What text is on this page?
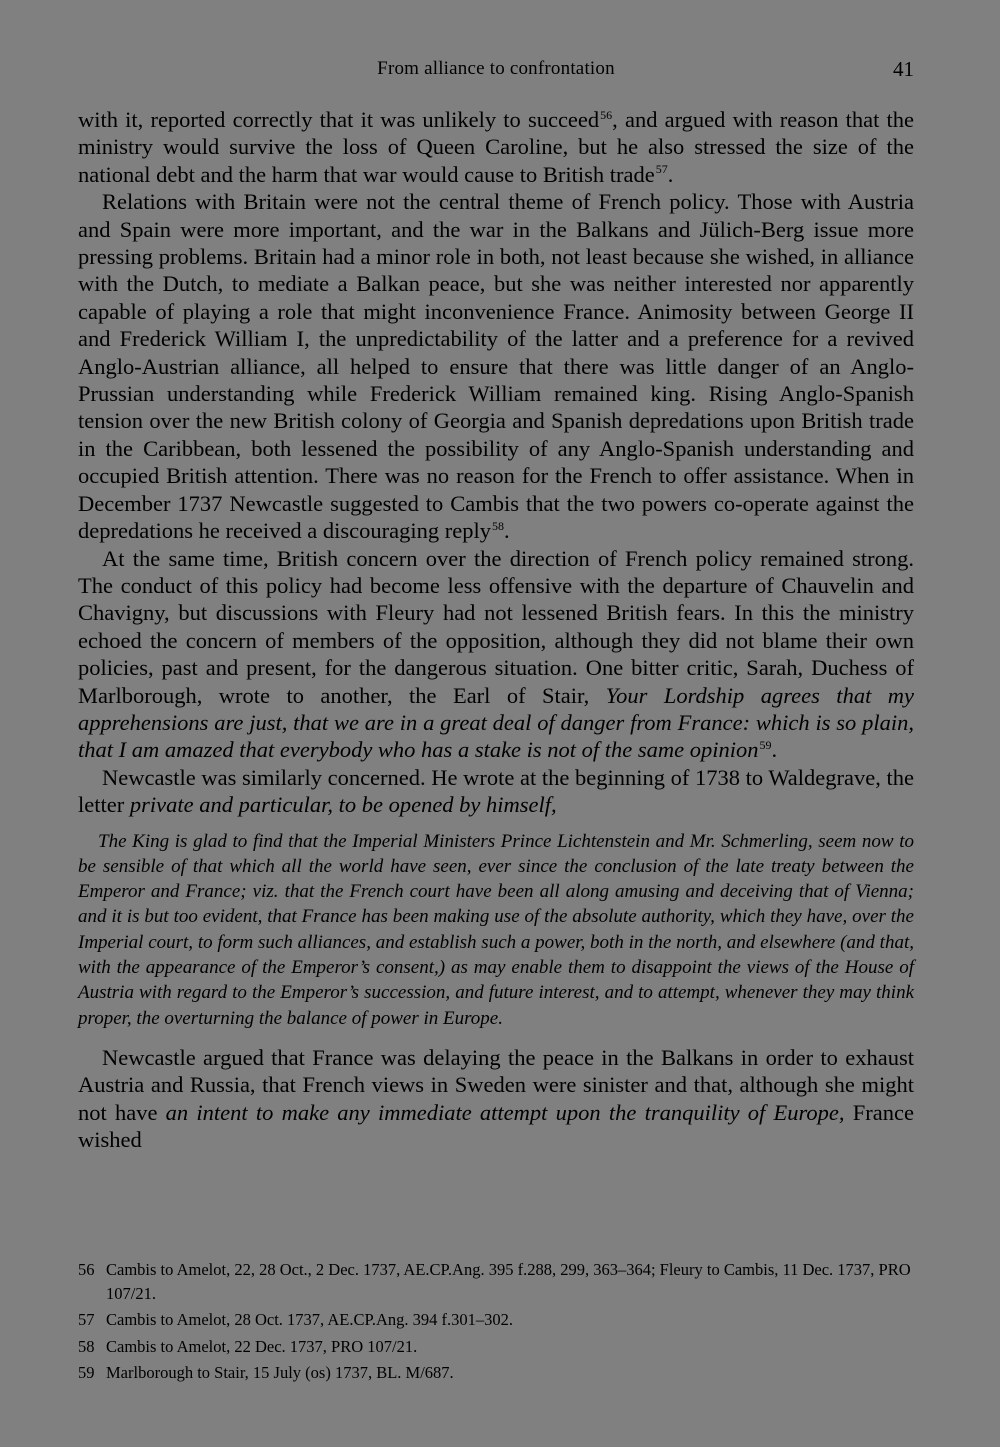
From alliance to confrontation	41

with it, reported correctly that it was unlikely to succeed$^{56}$, and argued with reason that the ministry would survive the loss of Queen Caroline, but he also stressed the size of the national debt and the harm that war would cause to British trade$^{57}$.

Relations with Britain were not the central theme of French policy. Those with Austria and Spain were more important, and the war in the Balkans and Jülich-Berg issue more pressing problems. Britain had a minor role in both, not least because she wished, in alliance with the Dutch, to mediate a Balkan peace, but she was neither interested nor apparently capable of playing a role that might inconvenience France. Animosity between George II and Frederick William I, the unpredictability of the latter and a preference for a revived Anglo-Austrian alliance, all helped to ensure that there was little danger of an Anglo-Prussian understanding while Frederick William remained king. Rising Anglo-Spanish tension over the new British colony of Georgia and Spanish depredations upon British trade in the Caribbean, both lessened the possibility of any Anglo-Spanish understanding and occupied British attention. There was no reason for the French to offer assistance. When in December 1737 Newcastle suggested to Cambis that the two powers co-operate against the depredations he received a discouraging reply$^{58}$.

At the same time, British concern over the direction of French policy remained strong. The conduct of this policy had become less offensive with the departure of Chauvelin and Chavigny, but discussions with Fleury had not lessened British fears. In this the ministry echoed the concern of members of the opposition, although they did not blame their own policies, past and present, for the dangerous situation. One bitter critic, Sarah, Duchess of Marlborough, wrote to another, the Earl of Stair, Your Lordship agrees that my apprehensions are just, that we are in a great deal of danger from France: which is so plain, that I am amazed that everybody who has a stake is not of the same opinion$^{59}$.

Newcastle was similarly concerned. He wrote at the beginning of 1738 to Waldegrave, the letter private and particular, to be opened by himself,

The King is glad to find that the Imperial Ministers Prince Lichtenstein and Mr. Schmerling, seem now to be sensible of that which all the world have seen, ever since the conclusion of the late treaty between the Emperor and France; viz. that the French court have been all along amusing and deceiving that of Vienna; and it is but too evident, that France has been making use of the absolute authority, which they have, over the Imperial court, to form such alliances, and establish such a power, both in the north, and elsewhere (and that, with the appearance of the Emperor’s consent,) as may enable them to disappoint the views of the House of Austria with regard to the Emperor’s succession, and future interest, and to attempt, whenever they may think proper, the overturning the balance of power in Europe.

Newcastle argued that France was delaying the peace in the Balkans in order to exhaust Austria and Russia, that French views in Sweden were sinister and that, although she might not have an intent to make any immediate attempt upon the tranquility of Europe, France wished

56 Cambis to Amelot, 22, 28 Oct., 2 Dec. 1737, AE.CP.Ang. 395 f.288, 299, 363–364; Fleury to Cambis, 11 Dec. 1737, PRO 107/21.
57 Cambis to Amelot, 28 Oct. 1737, AE.CP.Ang. 394 f.301–302.
58 Cambis to Amelot, 22 Dec. 1737, PRO 107/21.
59 Marlborough to Stair, 15 July (os) 1737, BL. M/687.
